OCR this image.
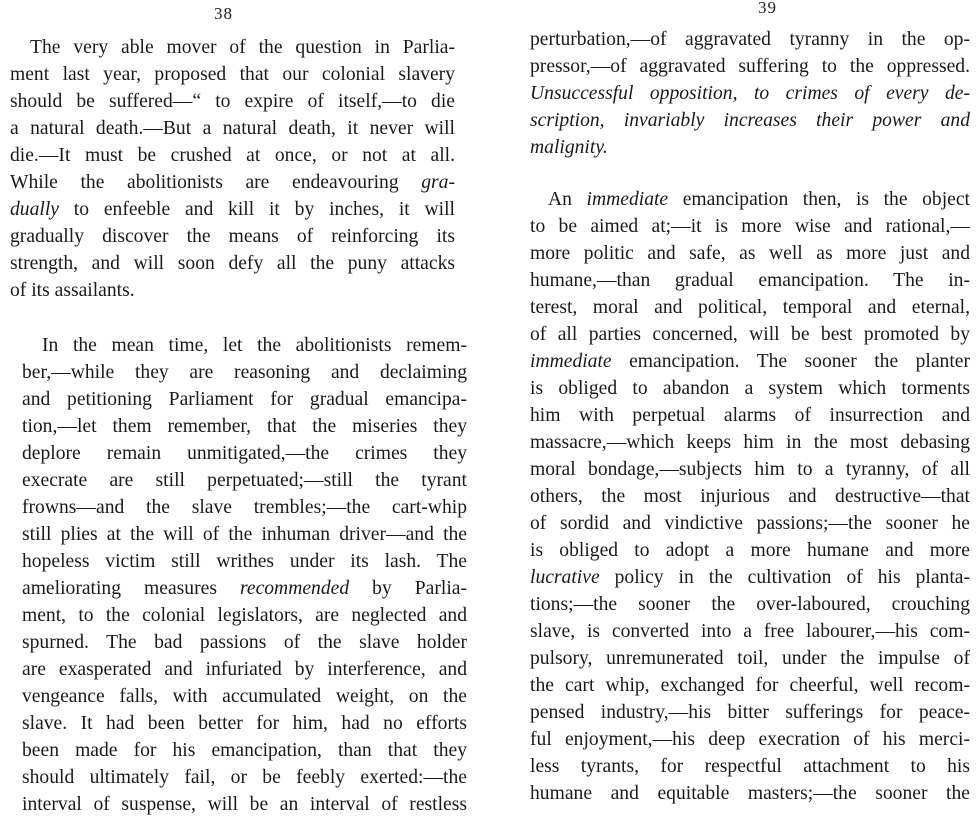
38
The very able mover of the question in Parlia-
ment last year, proposed that our colonial slavery
should be suffered—“ to expire of itself,—to die
a natural death.—But a natural death, it never will
die.—It must be crushed at once, or not at all.
While the abolitionists are endeavouring gra-
dually to enfeeble and kill it by inches, it will
gradually discover the means of reinforcing its
strength, and will soon defy all the puny attacks
of its assailants.
In the mean time, let the abolitionists remem-
ber,—while they are reasoning and declaiming
and petitioning Parliament for gradual emancipa-
tion,—let them remember, that the miseries they
deplore remain unmitigated,—the crimes they
execrate are still perpetuated;—still the tyrant
frowns—and the slave trembles;—the cart-whip
still plies at the will of the inhuman driver—and the
hopeless victim still writhes under its lash. The
ameliorating measures recommended by Parlia-
ment, to the colonial legislators, are neglected and
spurned. The bad passions of the slave holder
are exasperated and infuriated by interference, and
vengeance falls, with accumulated weight, on the
slave. It had been better for him, had no efforts
been made for his emancipation, than that they
should ultimately fail, or be feebly exerted:—the
interval of suspense, will be an interval of restless
39
perturbation,—of aggravated tyranny in the op-
pressor,—of aggravated suffering to the oppressed.
Unsuccessful opposition, to crimes of every de-
scription, invariably increases their power and
malignity.
An immediate emancipation then, is the object
to be aimed at;—it is more wise and rational,—
more politic and safe, as well as more just and
humane,—than gradual emancipation. The in-
terest, moral and political, temporal and eternal,
of all parties concerned, will be best promoted by
immediate emancipation. The sooner the planter
is obliged to abandon a system which torments
him with perpetual alarms of insurrection and
massacre,—which keeps him in the most debasing
moral bondage,—subjects him to a tyranny, of all
others, the most injurious and destructive—that
of sordid and vindictive passions;—the sooner he
is obliged to adopt a more humane and more
lucrative policy in the cultivation of his planta-
tions;—the sooner the over-laboured, crouching
slave, is converted into a free labourer,—his com-
pulsory, unremunerated toil, under the impulse of
the cart whip, exchanged for cheerful, well recom-
pensed industry,—his bitter sufferings for peace-
ful enjoyment,—his deep execration of his merci-
less tyrants, for respectful attachment to his
humane and equitable masters;—the sooner the
